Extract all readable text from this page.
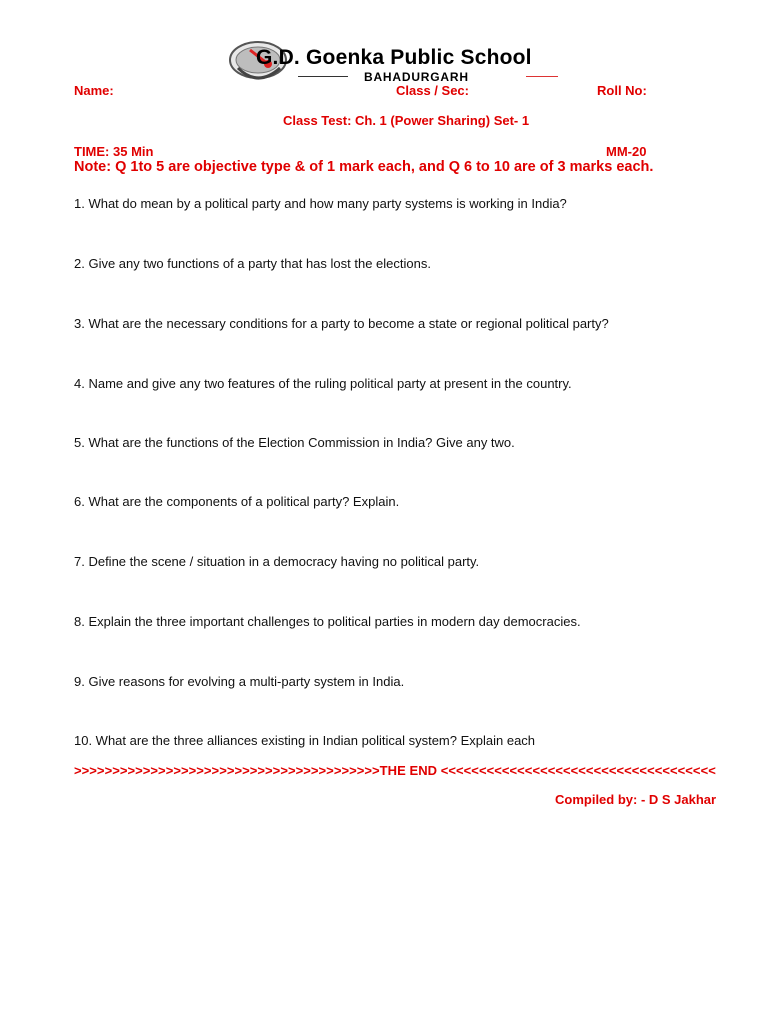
G.D. Goenka Public School
BAHADURGARH
Name:	Class / Sec:	Roll No:
Class Test: Ch. 1 (Power Sharing) Set- 1
TIME: 35 Min	MM-20
Note: Q 1to 5 are objective type & of 1 mark each, and Q 6 to 10 are of 3 marks each.
1. What do mean by a political party and how many party systems is working in India?
2. Give any two functions of a party that has lost the elections.
3. What are the necessary conditions for a party to become a state or regional political party?
4. Name and give any two features of the ruling political party at present in the country.
5. What are the functions of the Election Commission in India? Give any two.
6. What are the components of a political party? Explain.
7. Define the scene / situation in a democracy having no political party.
8. Explain the three important challenges to political parties in modern day democracies.
9. Give reasons for evolving a multi-party system in India.
10. What are the three alliances existing in Indian political system? Explain each
>>>>>>>>>>>>>>>>>>>>>>>>>>>>>>>>>>>>>>>>THE END <<<<<<<<<<<<<<<<<<<<<<<<<<<<<<<<<<<<
Compiled by: - D S Jakhar
